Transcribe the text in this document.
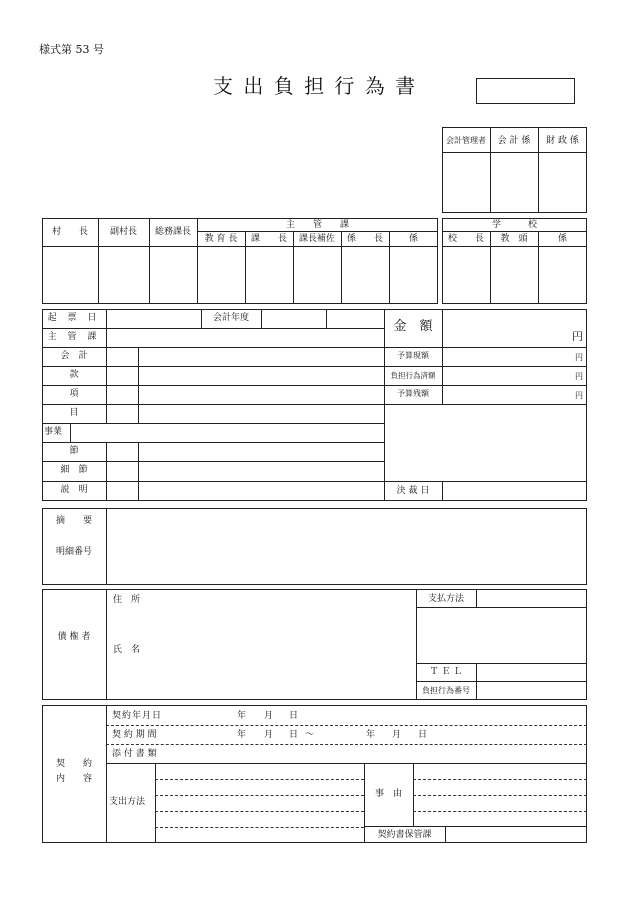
様式第 53 号
支 出 負 担 行 為 書
会計管理者	会 計 係	財 政 係
村　　長	副村長	総務課長
主　　管　　課
教 育 長	課　　長	課長補佐	係　　長	係
学　　　校
校　　長	教　頭	係
起 票 日	会計年度
主 管 課
会　計
款
項
目
事業
節
細　節
説　明
金　額
円
予算現額	円
負担行為済額	円
予算残額	円
決 裁 日
摘　　要
明細番号
債 権 者
住　所
氏　名
支払方法
Ｔ Ｅ Ｌ
負担行為番号
契　　約
内　　容
契約年月日	年 月 日
契 約 期 間	年 月 日 ～	年 月 日
添 付 書 類
支出方法
事　由
契約書保管課
